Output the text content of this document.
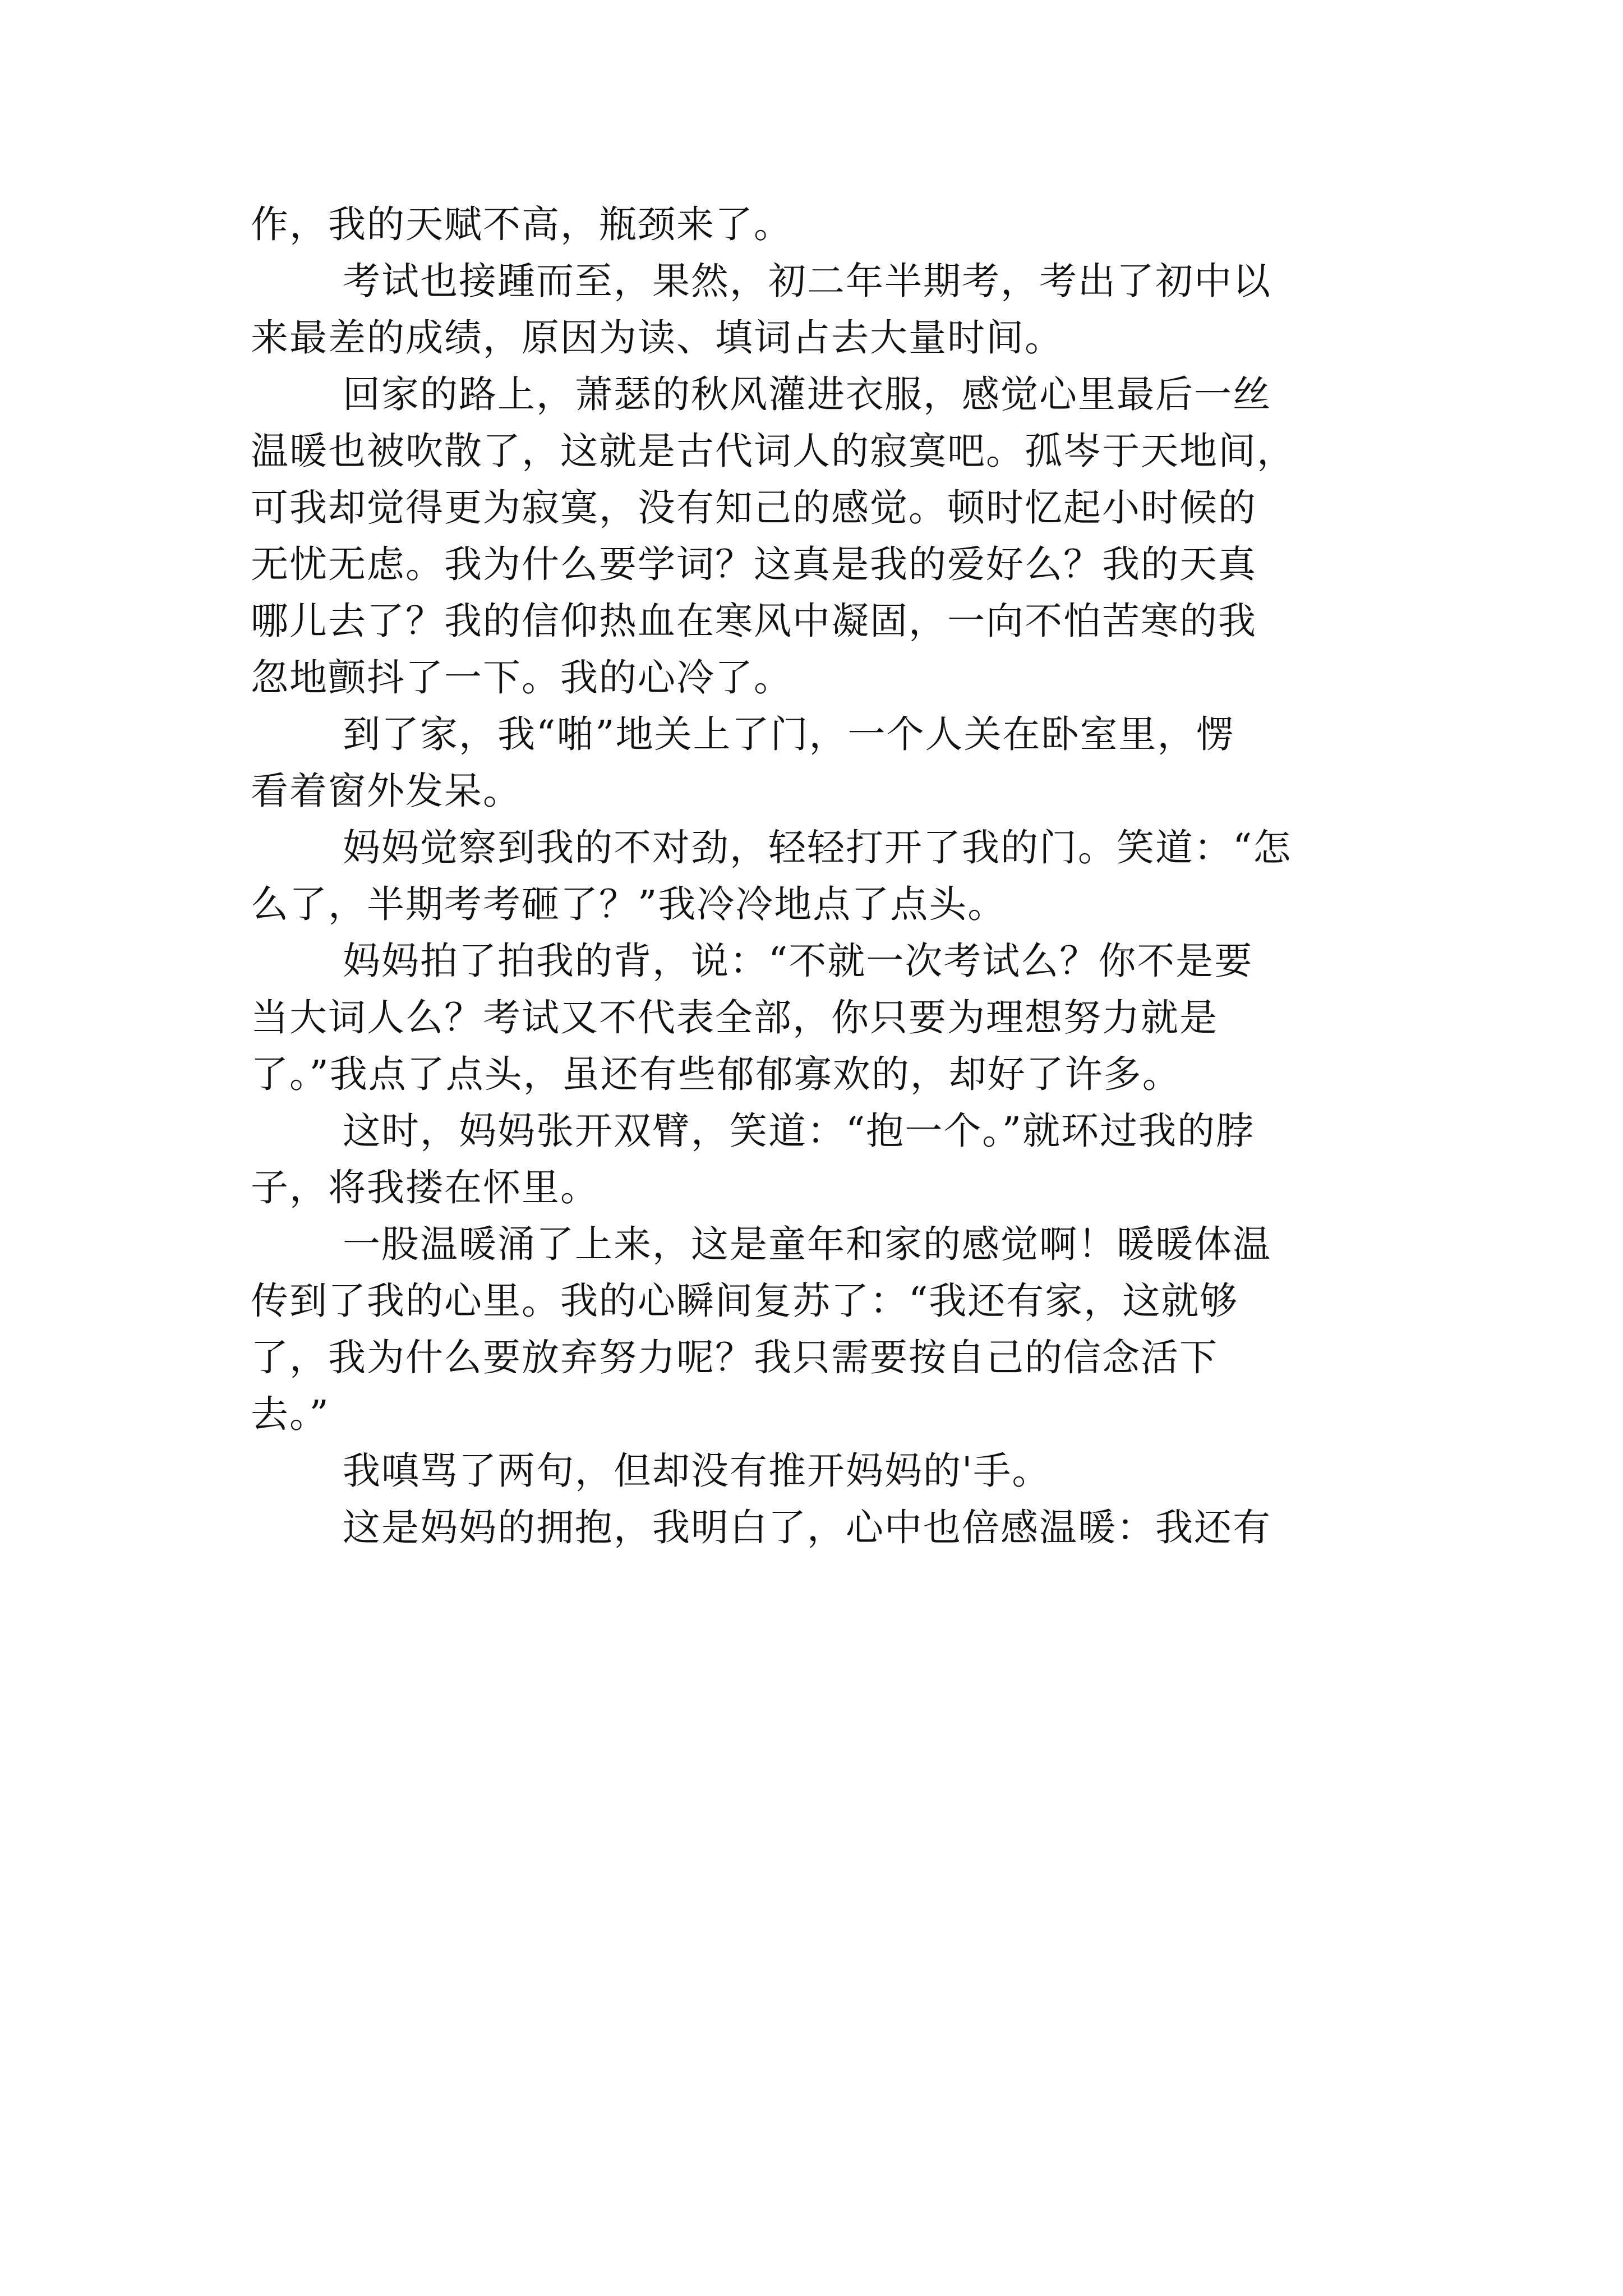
作，我的天赋不高，瓶颈来了。
考试也接踵而至，果然，初二年半期考，考出了初中以
来最差的成绩，原因为读、填词占去大量时间。
回家的路上，萧瑟的秋风灌进衣服，感觉心里最后一丝
温暖也被吹散了，这就是古代词人的寂寞吧。孤岑于天地间，
可我却觉得更为寂寞，没有知己的感觉。顿时忆起小时候的
无忧无虑。我为什么要学词？这真是我的爱好么？我的天真
哪儿去了？我的信仰热血在寒风中凝固，一向不怕苦寒的我
忽地颤抖了一下。我的心冷了。
到了家，我“啪”地关上了门，一个人关在卧室里，愣
看着窗外发呆。
妈妈觉察到我的不对劲，轻轻打开了我的门。笑道：“怎
么了，半期考考砸了？”我冷冷地点了点头。
妈妈拍了拍我的背，说：“不就一次考试么？你不是要
当大词人么？考试又不代表全部，你只要为理想努力就是
了。”我点了点头，虽还有些郁郁寡欢的，却好了许多。
这时，妈妈张开双臂，笑道：“抱一个。”就环过我的脖
子，将我搂在怀里。
一股温暖涌了上来，这是童年和家的感觉啊！暖暖体温
传到了我的心里。我的心瞬间复苏了：“我还有家，这就够
了，我为什么要放弃努力呢？我只需要按自己的信念活下
去。”
我嗔骂了两句，但却没有推开妈妈的'手。
这是妈妈的拥抱，我明白了，心中也倍感温暖：我还有
